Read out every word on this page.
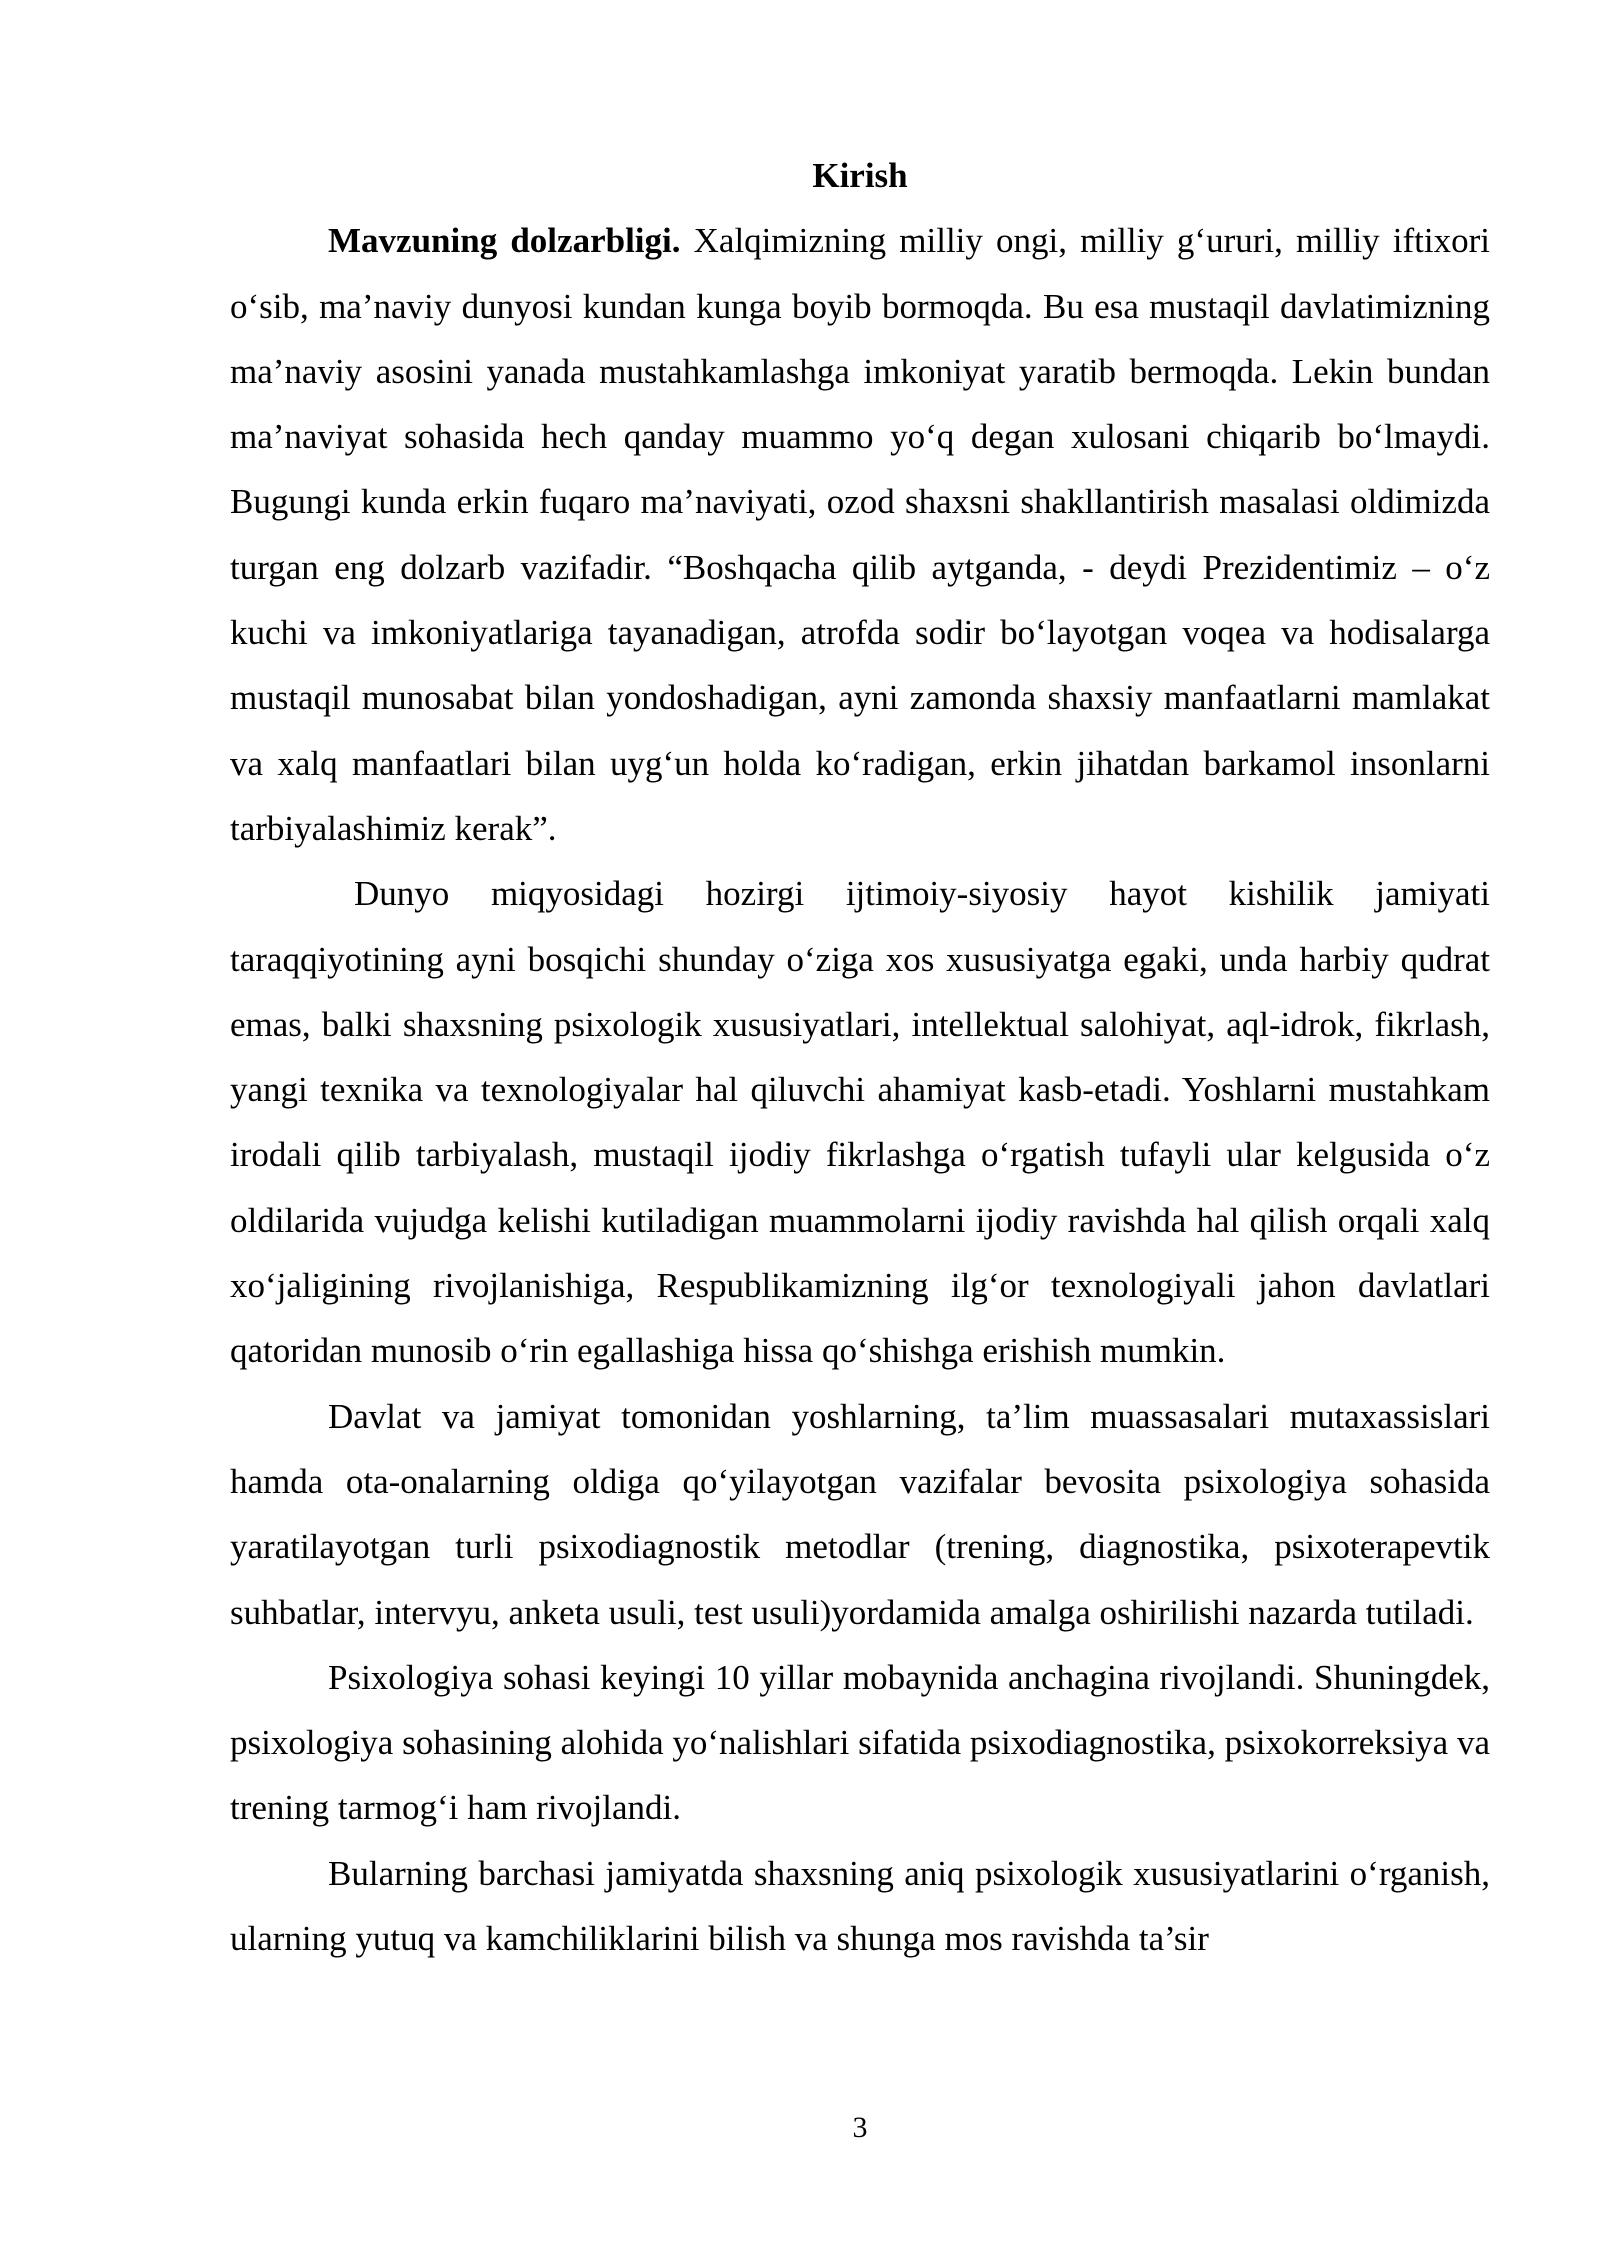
Kirish

Mavzuning dolzarbligi. Xalqimizning milliy ongi, milliy g‘ururi, milliy iftixori o‘sib, ma’naviy dunyosi kundan kunga boyib bormoqda. Bu esa mustaqil davlatimizning ma’naviy asosini yanada mustahkamlashga imkoniyat yaratib bermoqda. Lekin bundan ma’naviyat sohasida hech qanday muammo yo‘q degan xulosani chiqarib bo‘lmaydi. Bugungi kunda erkin fuqaro ma’naviyati, ozod shaxsni shakllantirish masalasi oldimizda turgan eng dolzarb vazifadir. “Boshqacha qilib aytganda, - deydi Prezidentimiz – o‘z kuchi va imkoniyatlariga tayanadigan, atrofda sodir bo‘layotgan voqea va hodisalarga mustaqil munosabat bilan yondoshadigan, ayni zamonda shaxsiy manfaatlarni mamlakat va xalq manfaatlari bilan uyg‘un holda ko‘radigan, erkin jihatdan barkamol insonlarni tarbiyalashimiz kerak”.

Dunyo miqyosidagi hozirgi ijtimoiy-siyosiy hayot kishilik jamiyati taraqqiyotining ayni bosqichi shunday o‘ziga xos xususiyatga egaki, unda harbiy qudrat emas, balki shaxsning psixologik xususiyatlari, intellektual salohiyat, aql-idrok, fikrlash, yangi texnika va texnologiyalar hal qiluvchi ahamiyat kasb-etadi. Yoshlarni mustahkam irodali qilib tarbiyalash, mustaqil ijodiy fikrlashga o‘rgatish tufayli ular kelgusida o‘z oldilarida vujudga kelishi kutiladigan muammolarni ijodiy ravishda hal qilish orqali xalq xo‘jaligining rivojlanishiga, Respublikamizning ilg‘or texnologiyali jahon davlatlari qatoridan munosib o‘rin egallashiga hissa qo‘shishga erishish mumkin.

Davlat va jamiyat tomonidan yoshlarning, ta’lim muassasalari mutaxassislari hamda ota-onalarning oldiga qo‘yilayotgan vazifalar bevosita psixologiya sohasida yaratilayotgan turli psixodiagnostik metodlar (trening, diagnostika, psixoterapevtik suhbatlar, intervyu, anketa usuli, test usuli)yordamida amalga oshirilishi nazarda tutiladi.

Psixologiya sohasi keyingi 10 yillar mobaynida anchagina rivojlandi. Shuningdek, psixologiya sohasining alohida yo‘nalishlari sifatida psixodiagnostika, psixokorreksiya va trening tarmog‘i ham rivojlandi.

Bularning barchasi jamiyatda shaxsning aniq psixologik xususiyatlarini o‘rganish, ularning yutuq va kamchiliklarini bilish va shunga mos ravishda ta’sir

3
